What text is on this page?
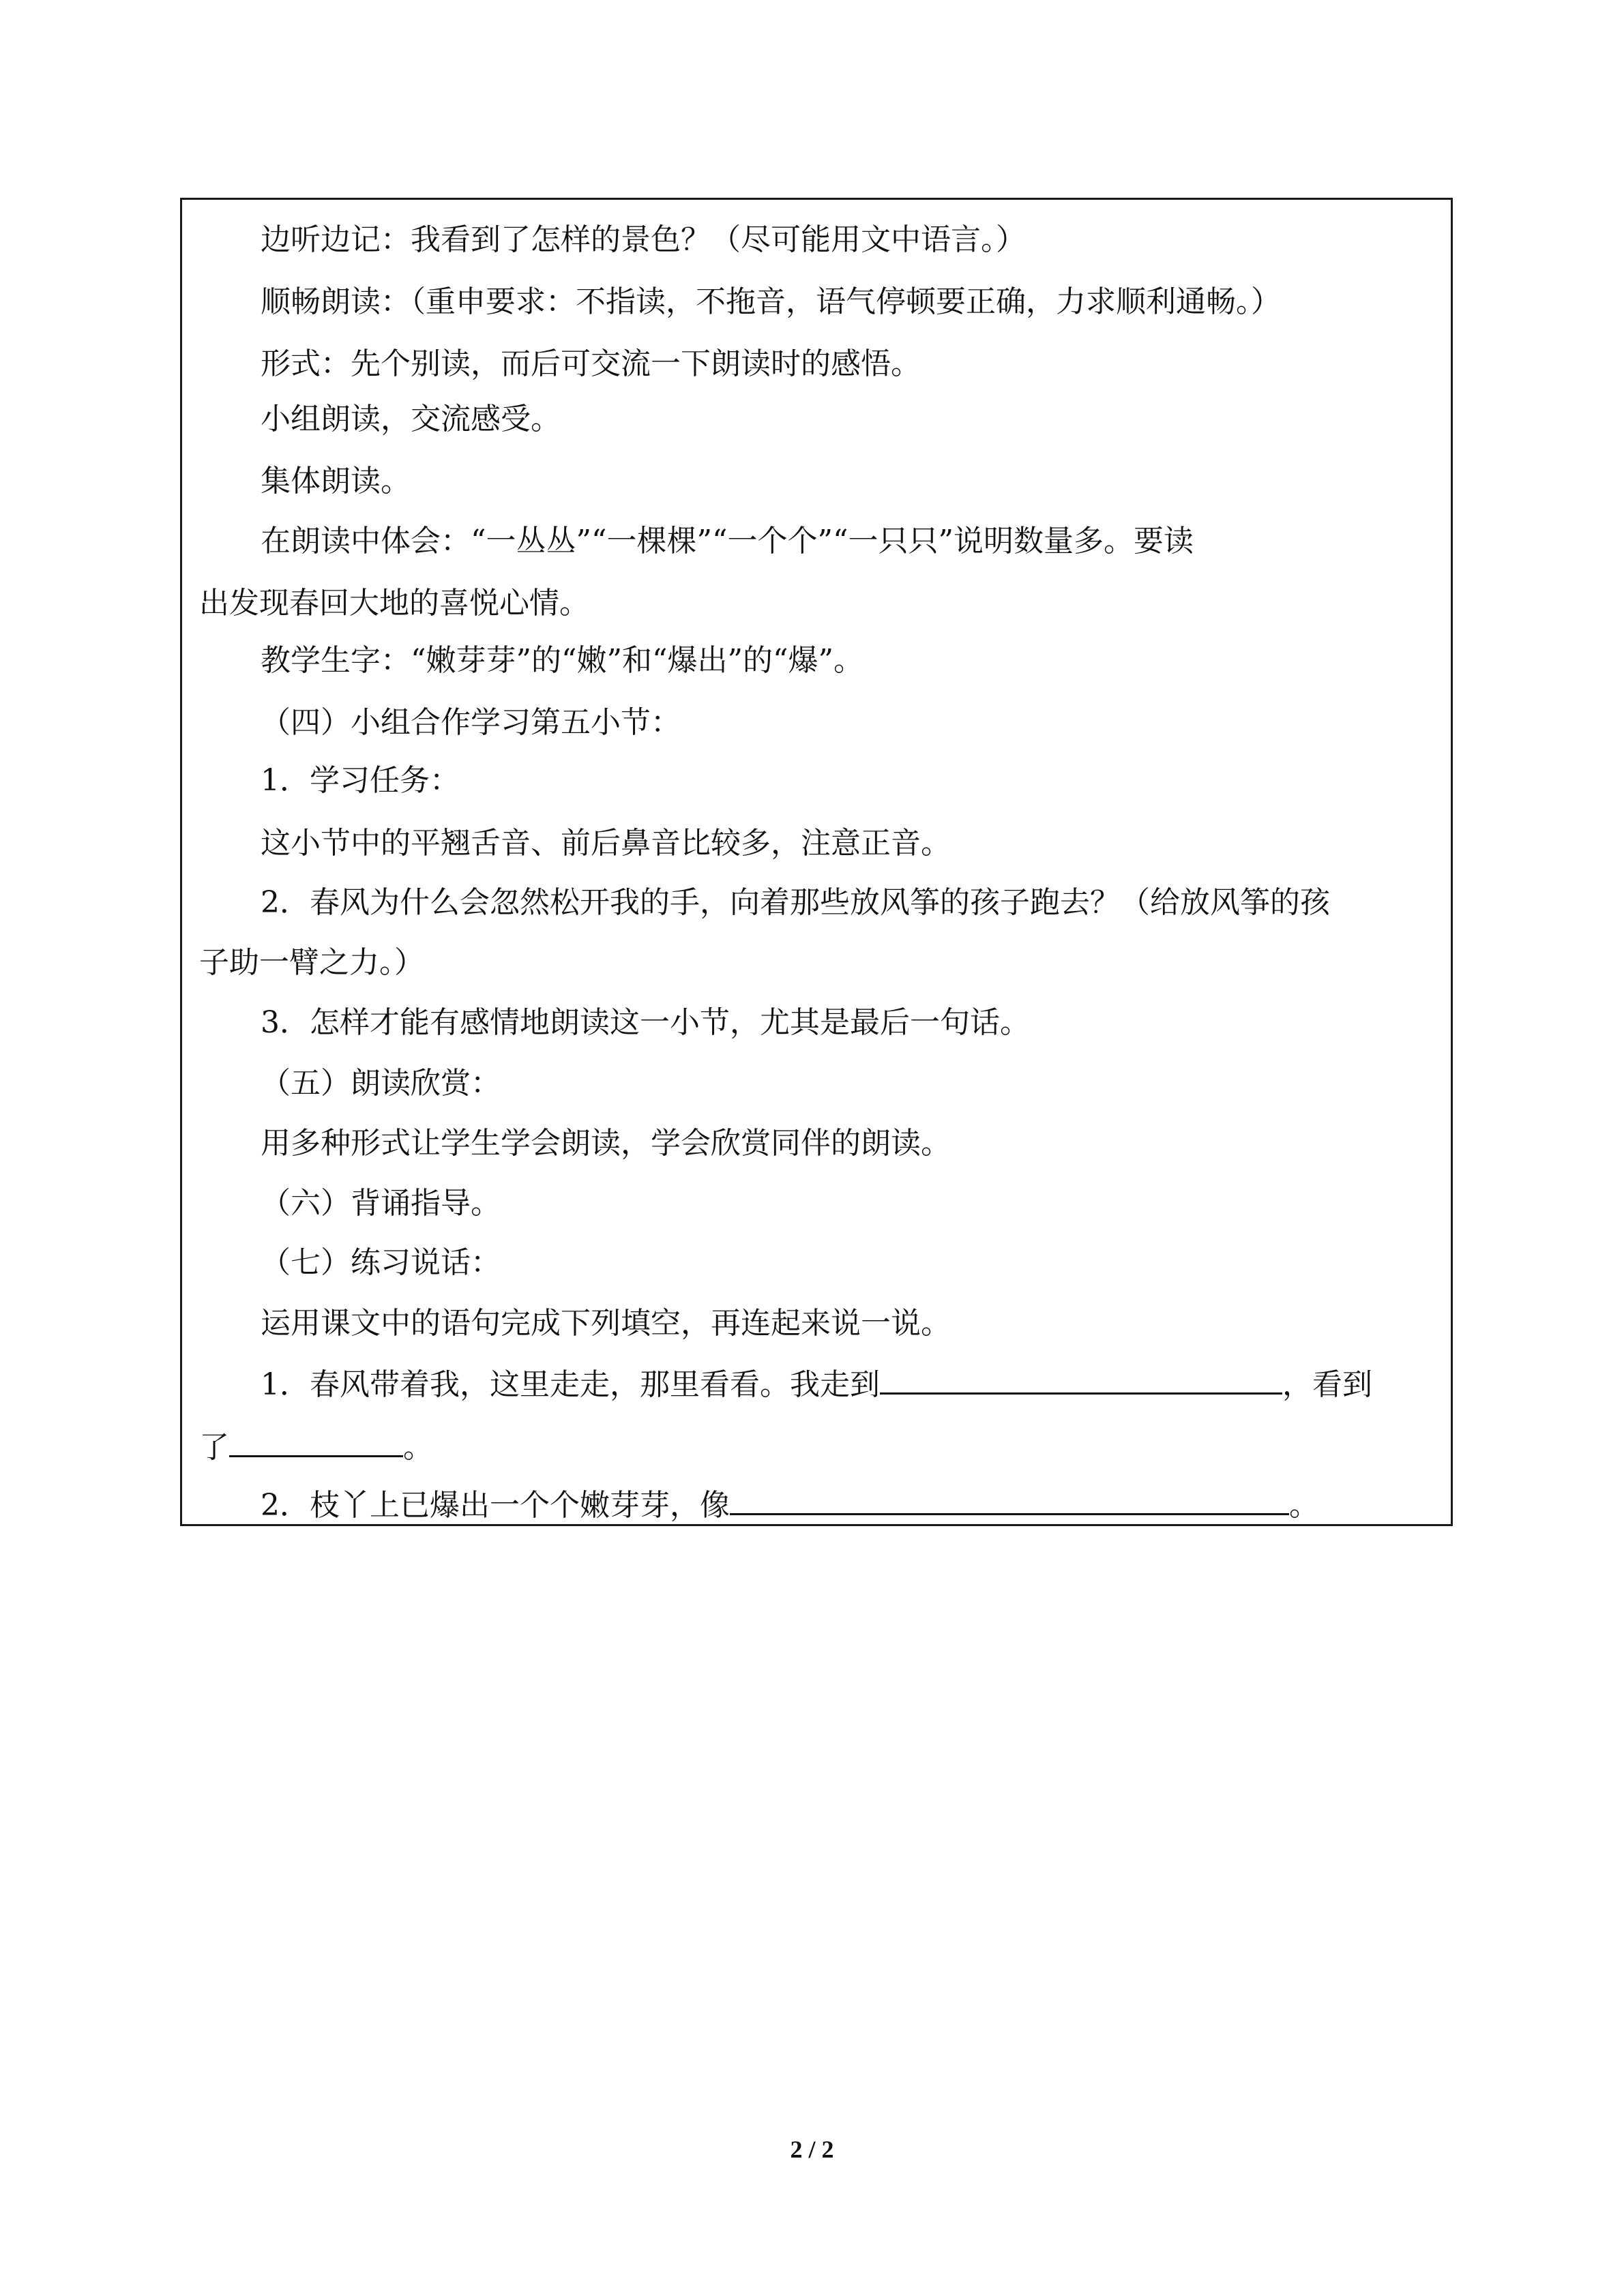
边听边记：我看到了怎样的景色？（尽可能用文中语言。）
顺畅朗读：（重申要求：不指读，不拖音，语气停顿要正确，力求顺利通畅。）
形式：先个别读，而后可交流一下朗读时的感悟。
小组朗读，交流感受。
集体朗读。
在朗读中体会：“一丛丛”“一棵棵”“一个个”“一只只”说明数量多。要读
出发现春回大地的喜悦心情。
教学生字：“嫩芽芽”的“嫩”和“爆出”的“爆”。
（四）小组合作学习第五小节：
1．学习任务：
这小节中的平翘舌音、前后鼻音比较多，注意正音。
2．春风为什么会忽然松开我的手，向着那些放风筝的孩子跑去？（给放风筝的孩
子助一臂之力。）
3．怎样才能有感情地朗读这一小节，尤其是最后一句话。
（五）朗读欣赏：
用多种形式让学生学会朗读，学会欣赏同伴的朗读。
（六）背诵指导。
（七）练习说话：
运用课文中的语句完成下列填空，再连起来说一说。
1．春风带着我，这里走走，那里看看。我走到	，看到
了	。
2．枝丫上已爆出一个个嫩芽芽，像	。
2 / 2
